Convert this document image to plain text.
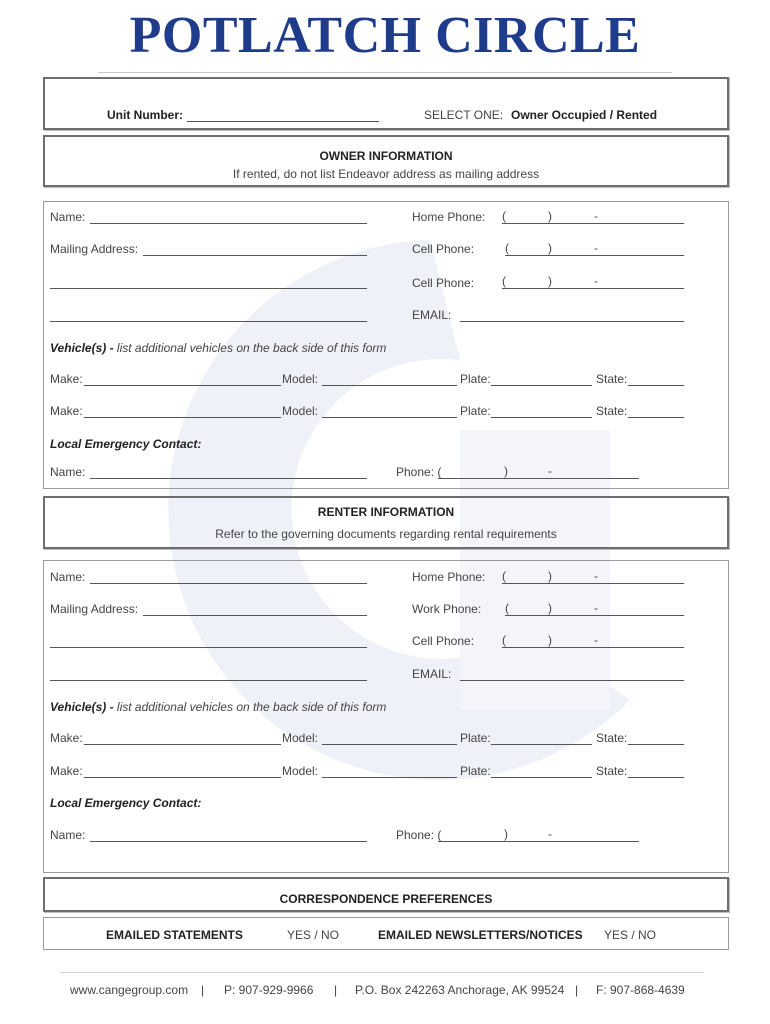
POTLATCH CIRCLE
Unit Number:	SELECT ONE: Owner Occupied / Rented
OWNER INFORMATION
If rented, do not list Endeavor address as mailing address
Name:	Home Phone: (	)	-
Mailing Address:	Cell Phone:	(	)	-
Cell Phone: (	)	-
EMAIL:
Vehicle(s) - list additional vehicles on the back side of this form
Make:	Model:	Plate:	State:
Make:	Model:	Plate:	State:
Local Emergency Contact:
Name:	Phone: (	)	-
RENTER INFORMATION
Refer to the governing documents regarding rental requirements
Name:	Home Phone: (	)	-
Mailing Address:	Work Phone: (	)	-
Cell Phone: (	)	-
EMAIL:
Vehicle(s) - list additional vehicles on the back side of this form
Make:	Model:	Plate:	State:
Make:	Model:	Plate:	State:
Local Emergency Contact:
Name:	Phone: (	)	-
CORRESPONDENCE PREFERENCES
EMAILED STATEMENTS	YES / NO	EMAILED NEWSLETTERS/NOTICES YES / NO
www.cangegroup.com | P: 907-929-9966 | P.O. Box 242263 Anchorage, AK 99524 | F: 907-868-4639
